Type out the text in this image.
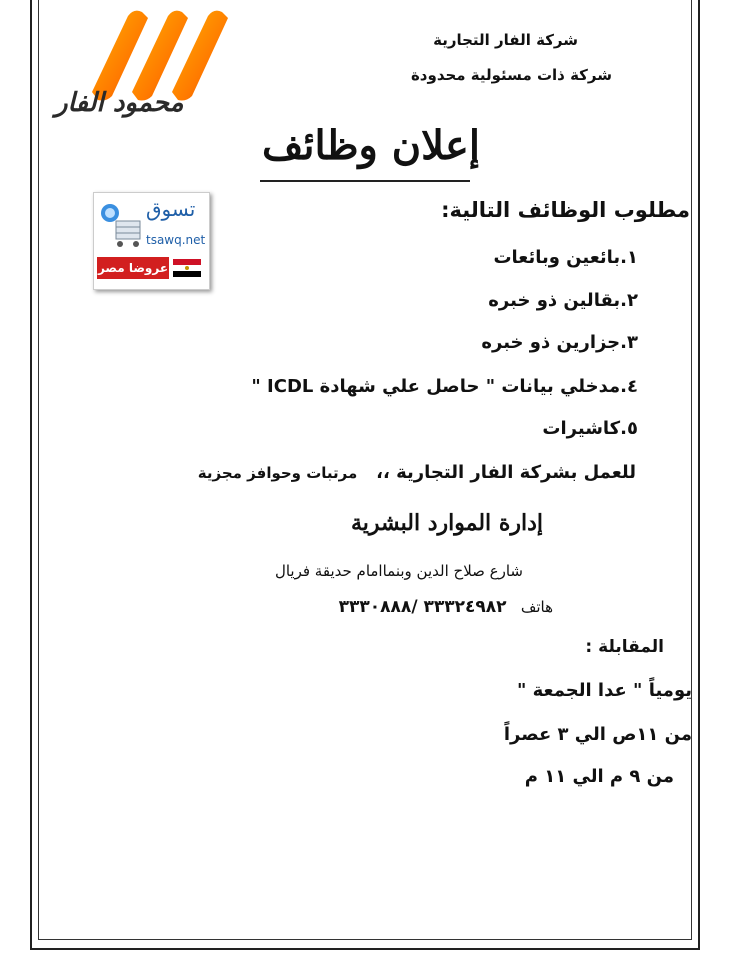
محمود الفار
شركة الفار التجارية
شركة ذات مسئولية محدودة
إعلان وظائف
تسوق
tsawq.net
عروضا مصر
مطلوب الوظائف التالية:
١.بائعين وبائعات
٢.بقالين ذو خبره
٣.جزارين ذو خبره
٤.مدخلي بيانات " حاصل علي شهادة ICDL "
٥.كاشيرات
للعمل بشركة الفار التجارية ،،   مرتبات وحوافز مجزية
إدارة الموارد البشرية
شارع صلاح الدين وبنماامام حديقة فريال
هاتف   ٣٣٣٢٤٩٨٢ /٣٣٣٠٨٨٨
المقابلة :
يومياً " عدا الجمعة "
من ١١ص الي ٣ عصراً
من ٩ م الي ١١ م
